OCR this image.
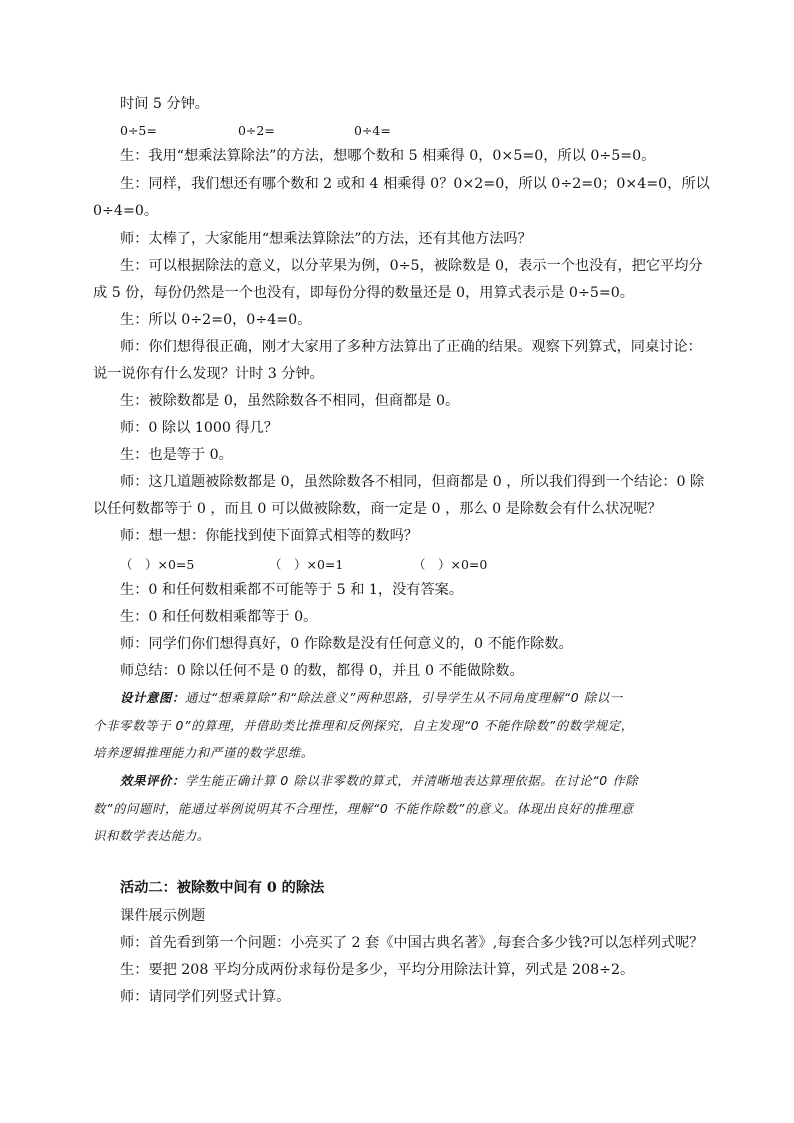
时间 5 分钟。
0÷5=	0÷2=	0÷4=
生：我用“想乘法算除法”的方法，想哪个数和 5 相乘得 0，0×5=0，所以 0÷5=0。
生：同样，我们想还有哪个数和 2 或和 4 相乘得 0？0×2=0，所以 0÷2=0；0×4=0，所以
0÷4=0。
师：太棒了，大家能用“想乘法算除法”的方法，还有其他方法吗？
生：可以根据除法的意义，以分苹果为例，0÷5，被除数是 0，表示一个也没有，把它平均分
成 5 份，每份仍然是一个也没有，即每份分得的数量还是 0，用算式表示是 0÷5=0。
生：所以 0÷2=0，0÷4=0。
师：你们想得很正确，刚才大家用了多种方法算出了正确的结果。观察下列算式，同桌讨论：
说一说你有什么发现？计时 3 分钟。
生：被除数都是 0，虽然除数各不相同，但商都是 0。
师：0 除以 1000 得几？
生：也是等于 0。
师：这几道题被除数都是 0，虽然除数各不相同，但商都是 0 ，所以我们得到一个结论：0 除
以任何数都等于 0 ，而且 0 可以做被除数，商一定是 0 ，那么 0 是除数会有什么状况呢？
师：想一想：你能找到使下面算式相等的数吗？
（　）×0=5	（　）×0=1	（　）×0=0
生：0 和任何数相乘都不可能等于 5 和 1，没有答案。
生：0 和任何数相乘都等于 0。
师：同学们你们想得真好，0 作除数是没有任何意义的，0 不能作除数。
师总结：0 除以任何不是 0 的数，都得 0，并且 0 不能做除数。
设计意图：通过“想乘算除”和“除法意义”两种思路，引导学生从不同角度理解“0 除以一
个非零数等于 0”的算理，并借助类比推理和反例探究，自主发现“0 不能作除数”的数学规定，
培养逻辑推理能力和严谨的数学思维。
效果评价：学生能正确计算 0 除以非零数的算式，并清晰地表达算理依据。在讨论“0 作除
数”的问题时，能通过举例说明其不合理性，理解“0 不能作除数”的意义。体现出良好的推理意
识和数学表达能力。
活动二：被除数中间有 0 的除法
课件展示例题
师：首先看到第一个问题：小亮买了 2 套《中国古典名著》,每套合多少钱?可以怎样列式呢？
生：要把 208 平均分成两份求每份是多少，平均分用除法计算，列式是 208÷2。
师：请同学们列竖式计算。
